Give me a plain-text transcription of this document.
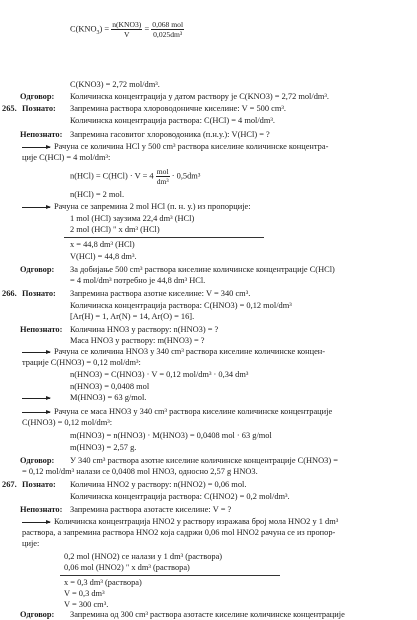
$C(KNO_3) = \frac{\text{n(KNO3)}}{V} = \frac{\text{0,068 mol}}{\text{0,025dm³}}$
C(KNO3) = 2,72 mol/dm³.
Одговор: Количинска концентрација у датом раствору је C(KNO3) = 2,72 mol/dm³.
265. Познато: Запремина раствора хлороводоничне киселине: V = 500 cm³.
Количинска концентрација раствора: C(HCl) = 4 mol/dm³.
Непознато: Запремина гасовитог хлороводоника (п.н.у.): V(HCl) = ?
Рачуна се количина HCl у 500 cm³ раствора киселине количинске концентра-
ције C(HCl) = 4 mol/dm³:
$n(HCl) = C(HCl) \cdot V = 4 \frac{\text{mol}}{\text{dm³}} \cdot 0,5dm^3$
n(HCl) = 2 mol.
Рачуна се запремина 2 mol HCl (п. н. у.) из пропорције:
1 mol (HCl) заузима 22,4 dm³ (HCl)
2 mol (HCl) " x dm³ (HCl)
x = 44,8 dm³ (HCl)
V(HCl) = 44,8 dm³.
Одговор: За добијање 500 cm³ раствора киселине количинске концентрације C(HCl)
= 4 mol/dm³ потребно је 44,8 dm³ HCl.
266. Познато: Запремина раствора азотне киселине: V = 340 cm³.
Количинска концентрација раствора: C(HNO3) = 0,12 mol/dm³
[Ar(H) = 1, Ar(N) = 14, Ar(O) = 16].
Непознато: Количина HNO3 у раствору: n(HNO3) = ?
Маса HNO3 у раствору: m(HNO3) = ?
Рачуна се количина HNO3 у 340 cm³ раствора киселине количинске концен-
трације C(HNO3) = 0,12 mol/dm³:
n(HNO3) = C(HNO3) · V = 0,12 mol/dm³ · 0,34 dm³
n(HNO3) = 0,0408 mol
M(HNO3) = 63 g/mol.
Рачуна се маса HNO3 у 340 cm³ раствора киселине количинске концентрације
C(HNO3) = 0,12 mol/dm³:
m(HNO3) = n(HNO3) · M(HNO3) = 0,0408 mol · 63 g/mol
m(HNO3) = 2,57 g.
Одговор: У 340 cm³ раствора азотне киселине количинске концентрације C(HNO3) =
= 0,12 mol/dm³ налази се 0,0408 mol HNO3, односно 2,57 g HNO3.
267. Познато: Количина HNO2 у раствору: n(HNO2) = 0,06 mol.
Количинска концентрација раствора: C(HNO2) = 0,2 mol/dm³.
Непознато: Запремина раствора азотасте киселине: V = ?
Количинска концентрација HNO2 у раствору изражава број мола HNO2 у 1 dm³
раствора, а запремина раствора HNO2 која садржи 0,06 mol HNO2 рачуна се из пропор-
ције:
0,2 mol (HNO2) се налази у 1 dm³ (раствора)
0,06 mol (HNO2) " x dm³ (раствора)
x = 0,3 dm³ (раствора)
V = 0,3 dm³
V = 300 cm³.
Одговор: Запремина од 300 cm³ раствора азотасте киселине количинске концентрације
